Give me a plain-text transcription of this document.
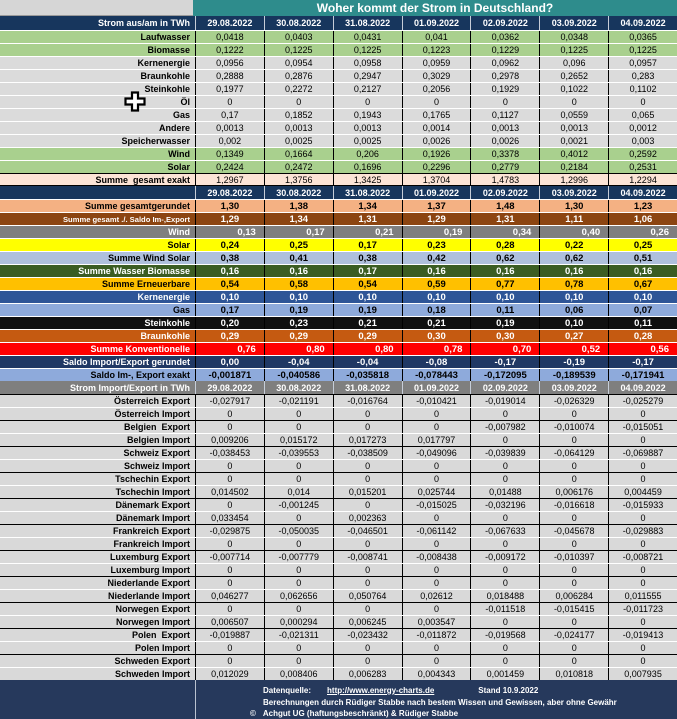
Woher kommt der Strom in Deutschland?
Strom aus/am in TWh	29.08.2022	30.08.2022	31.08.2022	01.09.2022	02.09.2022	03.09.2022	04.09.2022
Laufwasser	0,0418	0,0403	0,0431	0,041	0,0362	0,0348	0,0365
Biomasse	0,1222	0,1225	0,1225	0,1223	0,1229	0,1225	0,1225
Kernenergie	0,0956	0,0954	0,0958	0,0959	0,0962	0,096	0,0957
Braunkohle	0,2888	0,2876	0,2947	0,3029	0,2978	0,2652	0,283
Steinkohle	0,1977	0,2272	0,2127	0,2056	0,1929	0,1022	0,1102
Öl	0	0	0	0	0	0	0
Gas	0,17	0,1852	0,1943	0,1765	0,1127	0,0559	0,065
Andere	0,0013	0,0013	0,0013	0,0014	0,0013	0,0013	0,0012
Speicherwasser	0,002	0,0025	0,0025	0,0026	0,0026	0,0021	0,003
Wind	0,1349	0,1664	0,206	0,1926	0,3378	0,4012	0,2592
Solar	0,2424	0,2472	0,1696	0,2296	0,2779	0,2184	0,2531
Summe  gesamt exakt	1,2967	1,3756	1,3425	1,3704	1,4783	1,2996	1,2294
29.08.2022	30.08.2022	31.08.2022	01.09.2022	02.09.2022	03.09.2022	04.09.2022
Summe gesamtgerundet	1,30	1,38	1,34	1,37	1,48	1,30	1,23
Summe gesamt ./. Saldo Im-,Export	1,29	1,34	1,31	1,29	1,31	1,11	1,06
Wind	0,13	0,17	0,21	0,19	0,34	0,40	0,26
Solar	0,24	0,25	0,17	0,23	0,28	0,22	0,25
Summe Wind Solar	0,38	0,41	0,38	0,42	0,62	0,62	0,51
Summe Wasser Biomasse	0,16	0,16	0,17	0,16	0,16	0,16	0,16
Summe Erneuerbare	0,54	0,58	0,54	0,59	0,77	0,78	0,67
Kernenergie	0,10	0,10	0,10	0,10	0,10	0,10	0,10
Gas	0,17	0,19	0,19	0,18	0,11	0,06	0,07
Steinkohle	0,20	0,23	0,21	0,21	0,19	0,10	0,11
Braunkohle	0,29	0,29	0,29	0,30	0,30	0,27	0,28
Summe Konventionelle	0,76	0,80	0,80	0,78	0,70	0,52	0,56
Saldo Import/Export gerundet	0,00	-0,04	-0,04	-0,08	-0,17	-0,19	-0,17
Saldo Im-, Export exakt	-0,001871	-0,040586	-0,035818	-0,078443	-0,172095	-0,189539	-0,171941
Strom Import/Export in TWh	29.08.2022	30.08.2022	31.08.2022	01.09.2022	02.09.2022	03.09.2022	04.09.2022
Österreich Export	-0,027917	-0,021191	-0,016764	-0,010421	-0,019014	-0,026329	-0,025279
Österreich Import	0	0	0	0	0	0	0
Belgien  Export	0	0	0	0	-0,007982	-0,010074	-0,015051
Belgien Import	0,009206	0,015172	0,017273	0,017797	0	0	0
Schweiz Export	-0,038453	-0,039553	-0,038509	-0,049096	-0,039839	-0,064129	-0,069887
Schweiz Import	0	0	0	0	0	0	0
Tschechin Export	0	0	0	0	0	0	0
Tschechin Import	0,014502	0,014	0,015201	0,025744	0,01488	0,006176	0,004459
Dänemark Export	0	-0,001245	0	-0,015025	-0,032196	-0,016618	-0,015933
Dänemark Import	0,033454	0	0,002363	0	0	0	0
Frankreich Export	-0,029875	-0,050035	-0,046501	-0,061142	-0,067633	-0,045678	-0,029883
Frankreich Import	0	0	0	0	0	0	0
Luxemburg Export	-0,007714	-0,007779	-0,008741	-0,008438	-0,009172	-0,010397	-0,008721
Luxemburg Import	0	0	0	0	0	0	0
Niederlande Export	0	0	0	0	0	0	0
Niederlande Import	0,046277	0,062656	0,050764	0,02612	0,018488	0,006284	0,011555
Norwegen Export	0	0	0	0	-0,011518	-0,015415	-0,011723
Norwegen Import	0,006507	0,000294	0,006245	0,003547	0	0	0
Polen  Export	-0,019887	-0,021311	-0,023432	-0,011872	-0,019568	-0,024177	-0,019413
Polen Import	0	0	0	0	0	0	0
Schweden Export	0	0	0	0	0	0	0
Schweden Import	0,012029	0,008406	0,006283	0,004343	0,001459	0,010818	0,007935
Datenquelle: http://www.energy-charts.de	Stand 10.9.2022
Berechnungen durch Rüdiger Stabbe nach bestem Wissen und Gewissen, aber ohne Gewähr
© Achgut UG (haftungsbeschränkt) & Rüdiger Stabbe
